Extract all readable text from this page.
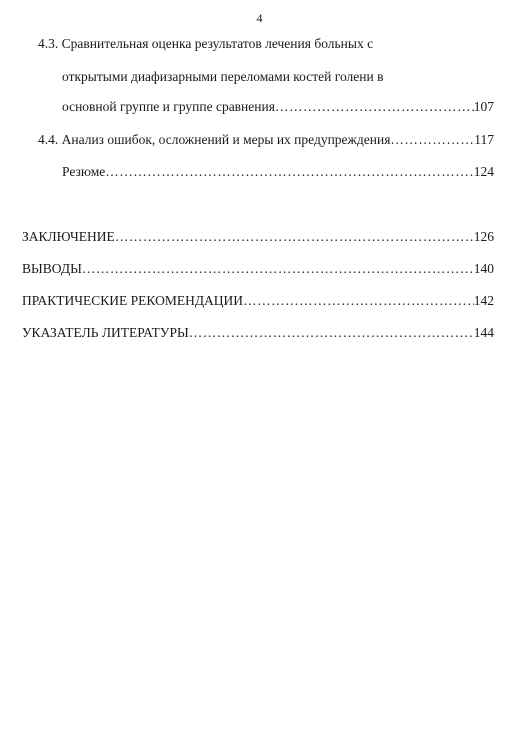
4
4.3. Сравнительная оценка результатов лечения больных с
открытыми диафизарными переломами костей голени в
основной группе и группе сравнения ………………………………………………………………………………………………………………………………	107
4.4. Анализ ошибок, осложнений и меры их предупреждения ………………………………………………………………………………………………………………………………	117
Резюме ………………………………………………………………………………………………………………………………	124
ЗАКЛЮЧЕНИЕ ………………………………………………………………………………………………………………………………	126
ВЫВОДЫ ………………………………………………………………………………………………………………………………	140
ПРАКТИЧЕСКИЕ РЕКОМЕНДАЦИИ ………………………………………………………………………………………………………………………………	142
УКАЗАТЕЛЬ ЛИТЕРАТУРЫ ………………………………………………………………………………………………………………………………	144
